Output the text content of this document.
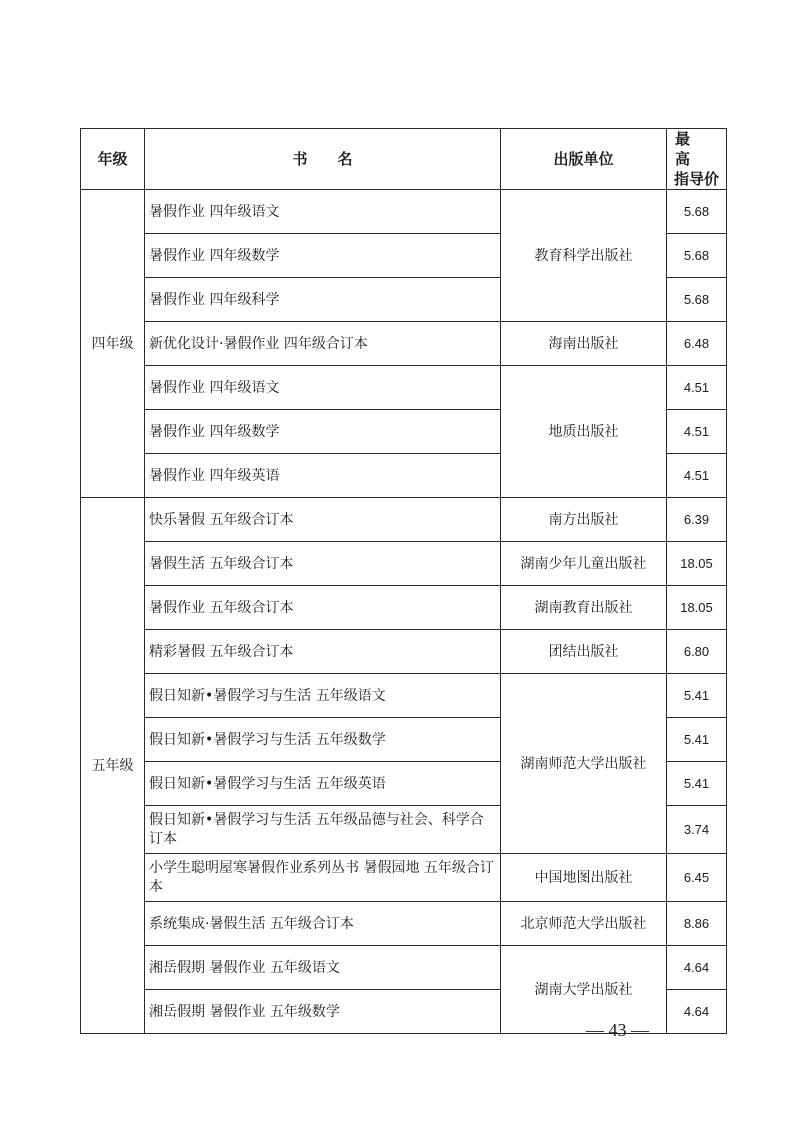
年级	书　　名	出版单位	最　高
指导价

四年级	暑假作业 四年级语文	教育科学出版社	5.68
	暑假作业 四年级数学		5.68
	暑假作业 四年级科学		5.68
	新优化设计·暑假作业 四年级合订本	海南出版社	6.48
	暑假作业 四年级语文	地质出版社	4.51
	暑假作业 四年级数学		4.51
	暑假作业 四年级英语		4.51
五年级	快乐暑假 五年级合订本	南方出版社	6.39
	暑假生活 五年级合订本	湖南少年儿童出版社	18.05
	暑假作业 五年级合订本	湖南教育出版社	18.05
	精彩暑假 五年级合订本	团结出版社	6.80
	假日知新•暑假学习与生活 五年级语文	湖南师范大学出版社	5.41
	假日知新•暑假学习与生活 五年级数学		5.41
	假日知新•暑假学习与生活 五年级英语		5.41
	假日知新•暑假学习与生活 五年级品德与社会、科学合订本		3.74
	小学生聪明屋寒暑假作业系列丛书 暑假园地 五年级合订本	中国地图出版社	6.45
	系统集成·暑假生活 五年级合订本	北京师范大学出版社	8.86
	湘岳假期 暑假作业 五年级语文	湖南大学出版社	4.64
	湘岳假期 暑假作业 五年级数学		4.64
— 43 —
